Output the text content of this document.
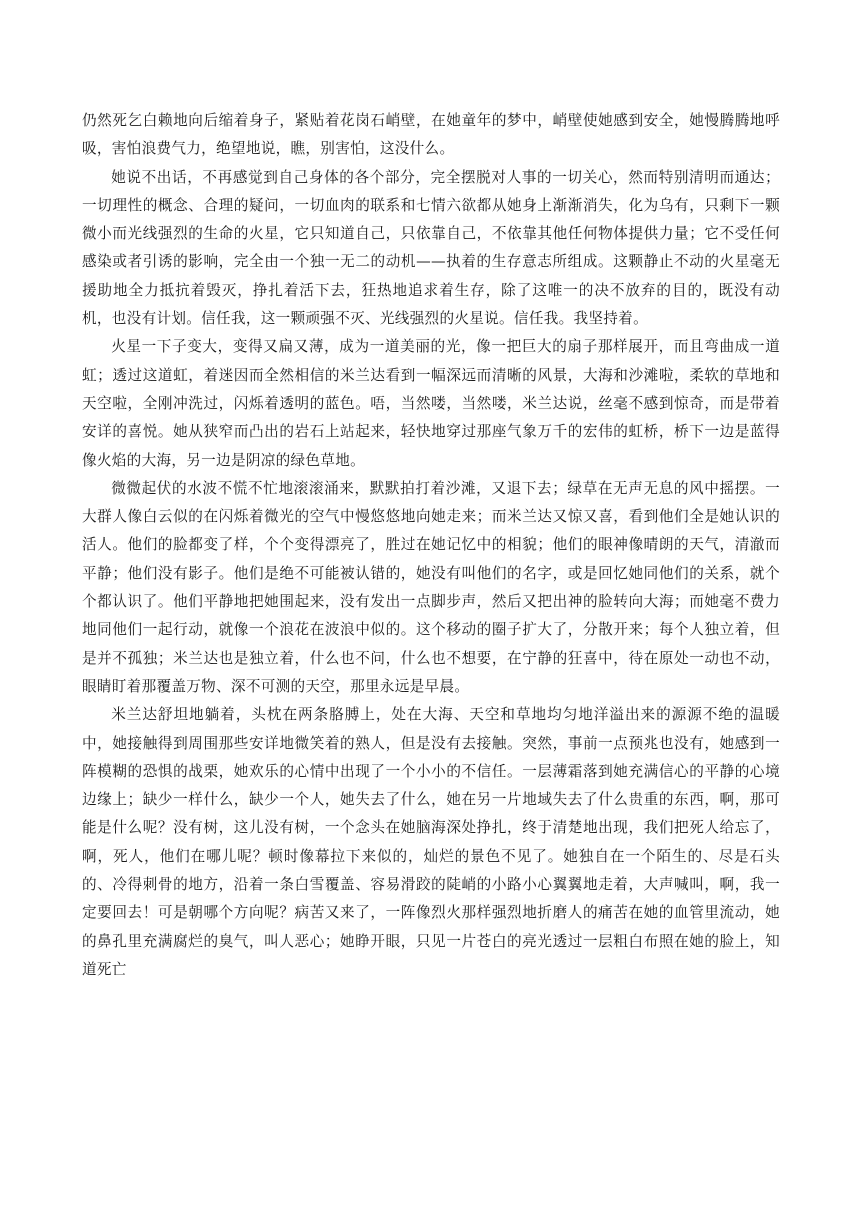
仍然死乞白赖地向后缩着身子，紧贴着花岗石峭壁，在她童年的梦中，峭壁使她感到安全，她慢腾腾地呼吸，害怕浪费气力，绝望地说，瞧，别害怕，这没什么。

她说不出话，不再感觉到自己身体的各个部分，完全摆脱对人事的一切关心，然而特别清明而通达；一切理性的概念、合理的疑问，一切血肉的联系和七情六欲都从她身上渐渐消失，化为乌有，只剩下一颗微小而光线强烈的生命的火星，它只知道自己，只依靠自己，不依靠其他任何物体提供力量；它不受任何感染或者引诱的影响，完全由一个独一无二的动机——执着的生存意志所组成。这颗静止不动的火星毫无援助地全力抵抗着毁灭，挣扎着活下去，狂热地追求着生存，除了这唯一的决不放弃的目的，既没有动机，也没有计划。信任我，这一颗顽强不灭、光线强烈的火星说。信任我。我坚持着。

火星一下子变大，变得又扁又薄，成为一道美丽的光，像一把巨大的扇子那样展开，而且弯曲成一道虹；透过这道虹，着迷因而全然相信的米兰达看到一幅深远而清晰的风景，大海和沙滩啦，柔软的草地和天空啦，全刚冲洗过，闪烁着透明的蓝色。唔，当然喽，当然喽，米兰达说，丝毫不感到惊奇，而是带着安详的喜悦。她从狭窄而凸出的岩石上站起来，轻快地穿过那座气象万千的宏伟的虹桥，桥下一边是蓝得像火焰的大海，另一边是阴凉的绿色草地。

微微起伏的水波不慌不忙地滚滚涌来，默默拍打着沙滩，又退下去；绿草在无声无息的风中摇摆。一大群人像白云似的在闪烁着微光的空气中慢悠悠地向她走来；而米兰达又惊又喜，看到他们全是她认识的活人。他们的脸都变了样，个个变得漂亮了，胜过在她记忆中的相貌；他们的眼神像晴朗的天气，清澈而平静；他们没有影子。他们是绝不可能被认错的，她没有叫他们的名字，或是回忆她同他们的关系，就个个都认识了。他们平静地把她围起来，没有发出一点脚步声，然后又把出神的脸转向大海；而她毫不费力地同他们一起行动，就像一个浪花在波浪中似的。这个移动的圈子扩大了，分散开来；每个人独立着，但是并不孤独；米兰达也是独立着，什么也不问，什么也不想要，在宁静的狂喜中，待在原处一动也不动，眼睛盯着那覆盖万物、深不可测的天空，那里永远是早晨。

米兰达舒坦地躺着，头枕在两条胳膊上，处在大海、天空和草地均匀地洋溢出来的源源不绝的温暖中，她接触得到周围那些安详地微笑着的熟人，但是没有去接触。突然，事前一点预兆也没有，她感到一阵模糊的恐惧的战栗，她欢乐的心情中出现了一个小小的不信任。一层薄霜落到她充满信心的平静的心境边缘上；缺少一样什么，缺少一个人，她失去了什么，她在另一片地域失去了什么贵重的东西，啊，那可能是什么呢？没有树，这儿没有树，一个念头在她脑海深处挣扎，终于清楚地出现，我们把死人给忘了，啊，死人，他们在哪儿呢？顿时像幕拉下来似的，灿烂的景色不见了。她独自在一个陌生的、尽是石头的、冷得刺骨的地方，沿着一条白雪覆盖、容易滑跤的陡峭的小路小心翼翼地走着，大声喊叫，啊，我一定要回去！可是朝哪个方向呢？病苦又来了，一阵像烈火那样强烈地折磨人的痛苦在她的血管里流动，她的鼻孔里充满腐烂的臭气，叫人恶心；她睁开眼，只见一片苍白的亮光透过一层粗白布照在她的脸上，知道死亡
